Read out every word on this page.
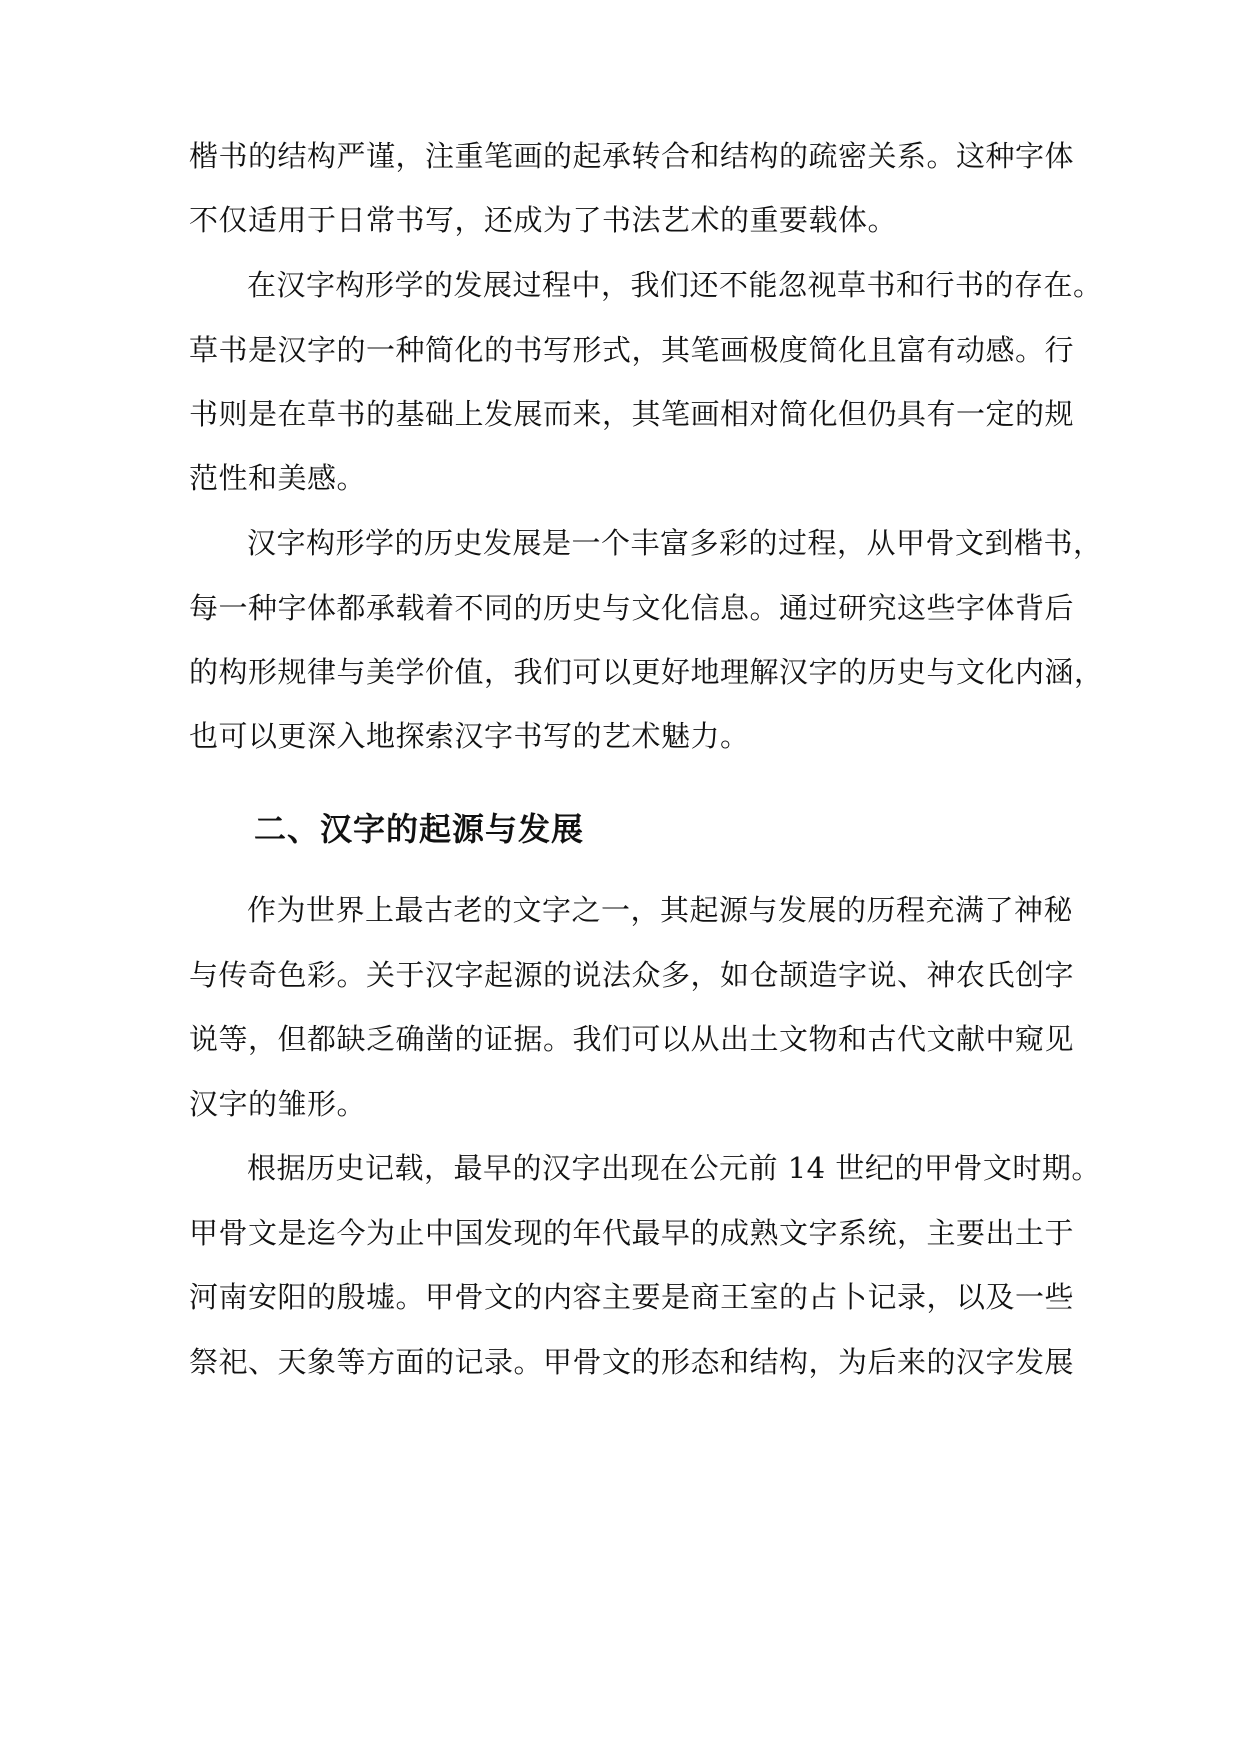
楷书的结构严谨，注重笔画的起承转合和结构的疏密关系。这种字体
不仅适用于日常书写，还成为了书法艺术的重要载体。
在汉字构形学的发展过程中，我们还不能忽视草书和行书的存在。
草书是汉字的一种简化的书写形式，其笔画极度简化且富有动感。行
书则是在草书的基础上发展而来，其笔画相对简化但仍具有一定的规
范性和美感。
汉字构形学的历史发展是一个丰富多彩的过程，从甲骨文到楷书，
每一种字体都承载着不同的历史与文化信息。通过研究这些字体背后
的构形规律与美学价值，我们可以更好地理解汉字的历史与文化内涵，
也可以更深入地探索汉字书写的艺术魅力。
二、汉字的起源与发展
作为世界上最古老的文字之一，其起源与发展的历程充满了神秘
与传奇色彩。关于汉字起源的说法众多，如仓颉造字说、神农氏创字
说等，但都缺乏确凿的证据。我们可以从出土文物和古代文献中窥见
汉字的雏形。
根据历史记载，最早的汉字出现在公元前 14 世纪的甲骨文时期。
甲骨文是迄今为止中国发现的年代最早的成熟文字系统，主要出土于
河南安阳的殷墟。甲骨文的内容主要是商王室的占卜记录，以及一些
祭祀、天象等方面的记录。甲骨文的形态和结构，为后来的汉字发展
